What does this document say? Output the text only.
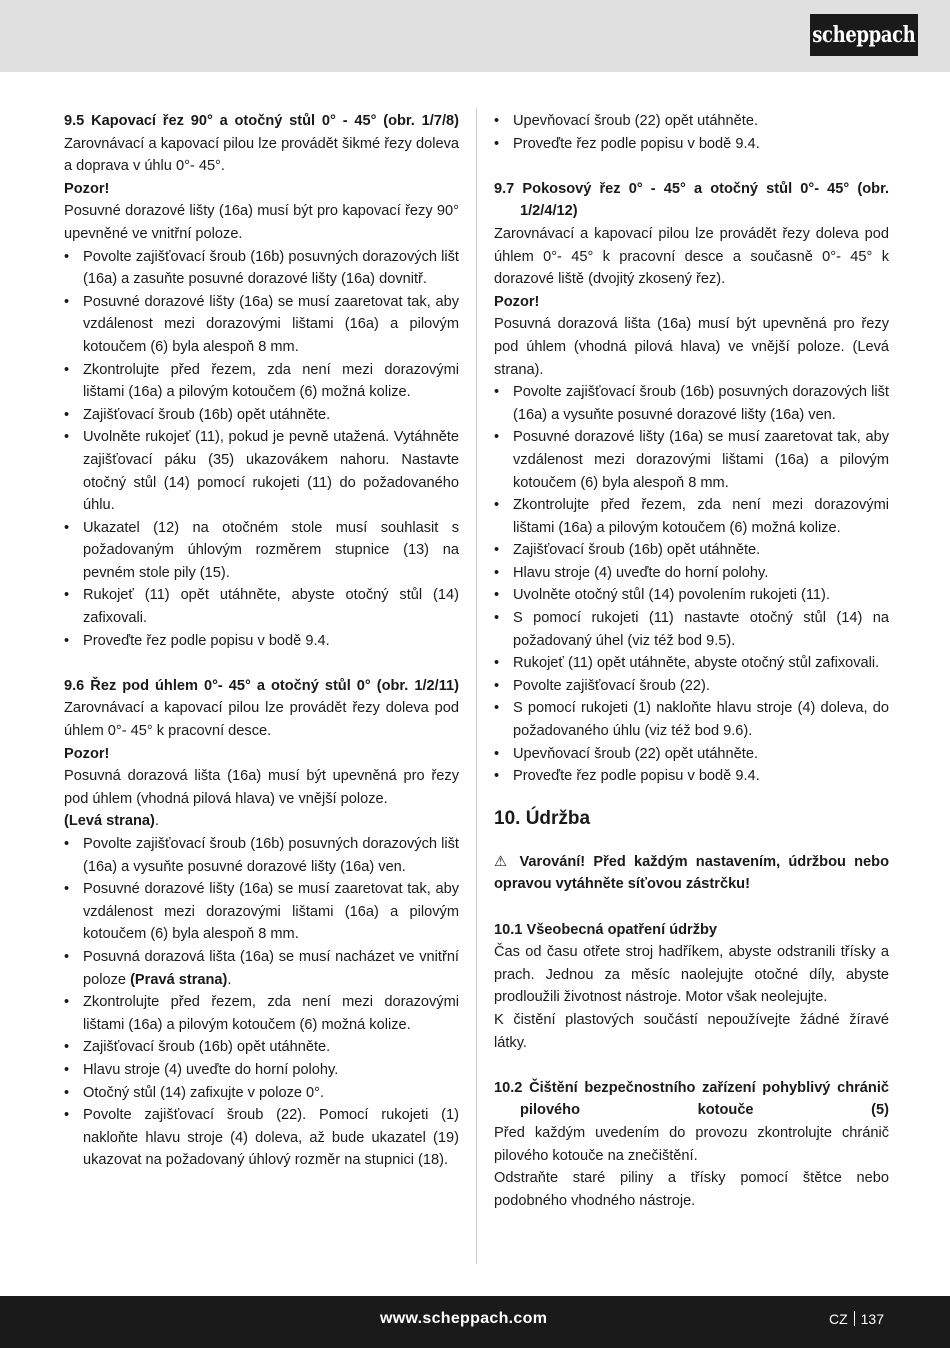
scheppach
9.5 Kapovací řez 90° a otočný stůl 0° - 45° (obr. 1/7/8)

Zarovnávací a kapovací pilou lze provádět šikmé řezy doleva a doprava v úhlu 0°- 45°.

Pozor!

Posuvné dorazové lišty (16a) musí být pro kapovací řezy 90° upevněné ve vnitřní poloze.

• Povolte zajišťovací šroub (16b) posuvných dorazových lišt (16a) a zasuňte posuvné dorazové lišty (16a) dovnitř.
• Posuvné dorazové lišty (16a) se musí zaaretovat tak, aby vzdálenost mezi dorazovými lištami (16a) a pilovým kotoučem (6) byla alespoň 8 mm.
• Zkontrolujte před řezem, zda není mezi dorazovými lištami (16a) a pilovým kotoučem (6) možná kolize.
• Zajišťovací šroub (16b) opět utáhněte.
• Uvolněte rukojeť (11), pokud je pevně utažená. Vytáhněte zajišťovací páku (35) ukazovákem nahoru. Nastavte otočný stůl (14) pomocí rukojeti (11) do požadovaného úhlu.
• Ukazatel (12) na otočném stole musí souhlasit s požadovaným úhlovým rozměrem stupnice (13) na pevném stole pily (15).
• Rukojeť (11) opět utáhněte, abyste otočný stůl (14) zafixovali.
• Proveďte řez podle popisu v bodě 9.4.
9.6 Řez pod úhlem 0°- 45° a otočný stůl 0° (obr. 1/2/11)

Zarovnávací a kapovací pilou lze provádět řezy doleva pod úhlem 0°- 45° k pracovní desce.

Pozor!

Posuvná dorazová lišta (16a) musí být upevněná pro řezy pod úhlem (vhodná pilová hlava) ve vnější poloze.

(Levá strana).

• Povolte zajišťovací šroub (16b) posuvných dorazových lišt (16a) a vysuňte posuvné dorazové lišty (16a) ven.
• Posuvné dorazové lišty (16a) se musí zaaretovat tak, aby vzdálenost mezi dorazovými lištami (16a) a pilovým kotoučem (6) byla alespoň 8 mm.
• Posuvná dorazová lišta (16a) se musí nacházet ve vnitřní poloze (Pravá strana).
• Zkontrolujte před řezem, zda není mezi dorazovými lištami (16a) a pilovým kotoučem (6) možná kolize.
• Zajišťovací šroub (16b) opět utáhněte.
• Hlavu stroje (4) uveďte do horní polohy.
• Otočný stůl (14) zafixujte v poloze 0°.
• Povolte zajišťovací šroub (22). Pomocí rukojeti (1) nakloňte hlavu stroje (4) doleva, až bude ukazatel (19) ukazovat na požadovaný úhlový rozměr na stupnici (18).
• Upevňovací šroub (22) opět utáhněte.
• Proveďte řez podle popisu v bodě 9.4.
9.7 Pokosový řez 0° - 45° a otočný stůl 0°- 45° (obr. 1/2/4/12)

Zarovnávací a kapovací pilou lze provádět řezy doleva pod úhlem 0°- 45° k pracovní desce a současně 0°- 45° k dorazové liště (dvojitý zkosený řez).

Pozor!

Posuvná dorazová lišta (16a) musí být upevněná pro řezy pod úhlem (vhodná pilová hlava) ve vnější poloze. (Levá strana).

• Povolte zajišťovací šroub (16b) posuvných dorazových lišt (16a) a vysuňte posuvné dorazové lišty (16a) ven.
• Posuvné dorazové lišty (16a) se musí zaaretovat tak, aby vzdálenost mezi dorazovými lištami (16a) a pilovým kotoučem (6) byla alespoň 8 mm.
• Zkontrolujte před řezem, zda není mezi dorazovými lištami (16a) a pilovým kotoučem (6) možná kolize.
• Zajišťovací šroub (16b) opět utáhněte.
• Hlavu stroje (4) uveďte do horní polohy.
• Uvolněte otočný stůl (14) povolením rukojeti (11).
• S pomocí rukojeti (11) nastavte otočný stůl (14) na požadovaný úhel (viz též bod 9.5).
• Rukojeť (11) opět utáhněte, abyste otočný stůl zafixovali.
• Povolte zajišťovací šroub (22).
• S pomocí rukojeti (1) nakloňte hlavu stroje (4) doleva, do požadovaného úhlu (viz též bod 9.6).
• Upevňovací šroub (22) opět utáhněte.
• Proveďte řez podle popisu v bodě 9.4.
10. Údržba

⚠ Varování! Před každým nastavením, údržbou nebo opravou vytáhněte síťovou zástrčku!

10.1 Všeobecná opatření údržby

Čas od času otřete stroj hadříkem, abyste odstranili třísky a prach. Jednou za měsíc naolejujte otočné díly, abyste prodloužili životnost nástroje. Motor však neolejujte.

K čistění plastových součástí nepoužívejte žádné žíravé látky.

10.2 Čištění bezpečnostního zařízení pohyblivý chránič pilového kotouče (5)

Před každým uvedením do provozu zkontrolujte chránič pilového kotouče na znečištění.

Odstraňte staré piliny a třísky pomocí štětce nebo podobného vhodného nástroje.

www.scheppach.com	CZ 137
